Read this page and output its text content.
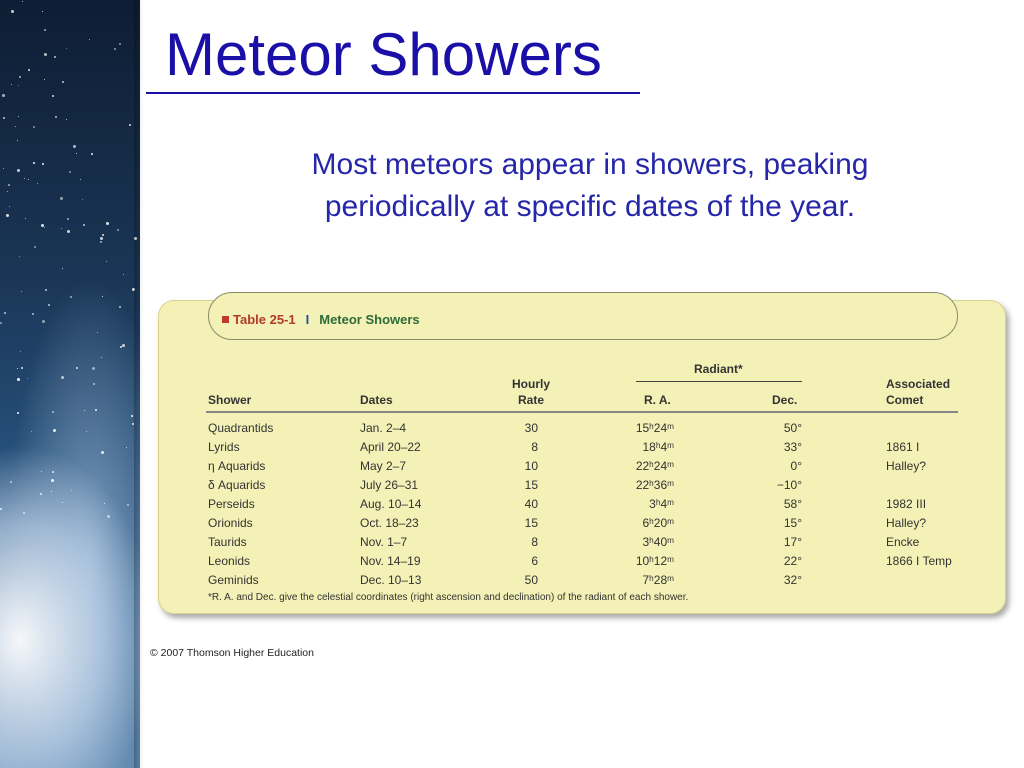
Meteor Showers
Most meteors appear in showers, peaking
periodically at specific dates of the year.
Table 25-1 I Meteor Showers
Radiant*
Hourly	Associated
Shower	Dates	Rate	R. A.	Dec.	Comet
Quadrantids	Jan. 2–4	30	15ʰ24ᵐ	50°
Lyrids	April 20–22	8	18ʰ4ᵐ	33°	1861 I
η Aquarids	May 2–7	10	22ʰ24ᵐ	0°	Halley?
δ Aquarids	July 26–31	15	22ʰ36ᵐ	−10°
Perseids	Aug. 10–14	40	3ʰ4ᵐ	58°	1982 III
Orionids	Oct. 18–23	15	6ʰ20ᵐ	15°	Halley?
Taurids	Nov. 1–7	8	3ʰ40ᵐ	17°	Encke
Leonids	Nov. 14–19	6	10ʰ12ᵐ	22°	1866 I Temp
Geminids	Dec. 10–13	50	7ʰ28ᵐ	32°
*R. A. and Dec. give the celestial coordinates (right ascension and declination) of the radiant of each shower.
© 2007 Thomson Higher Education
